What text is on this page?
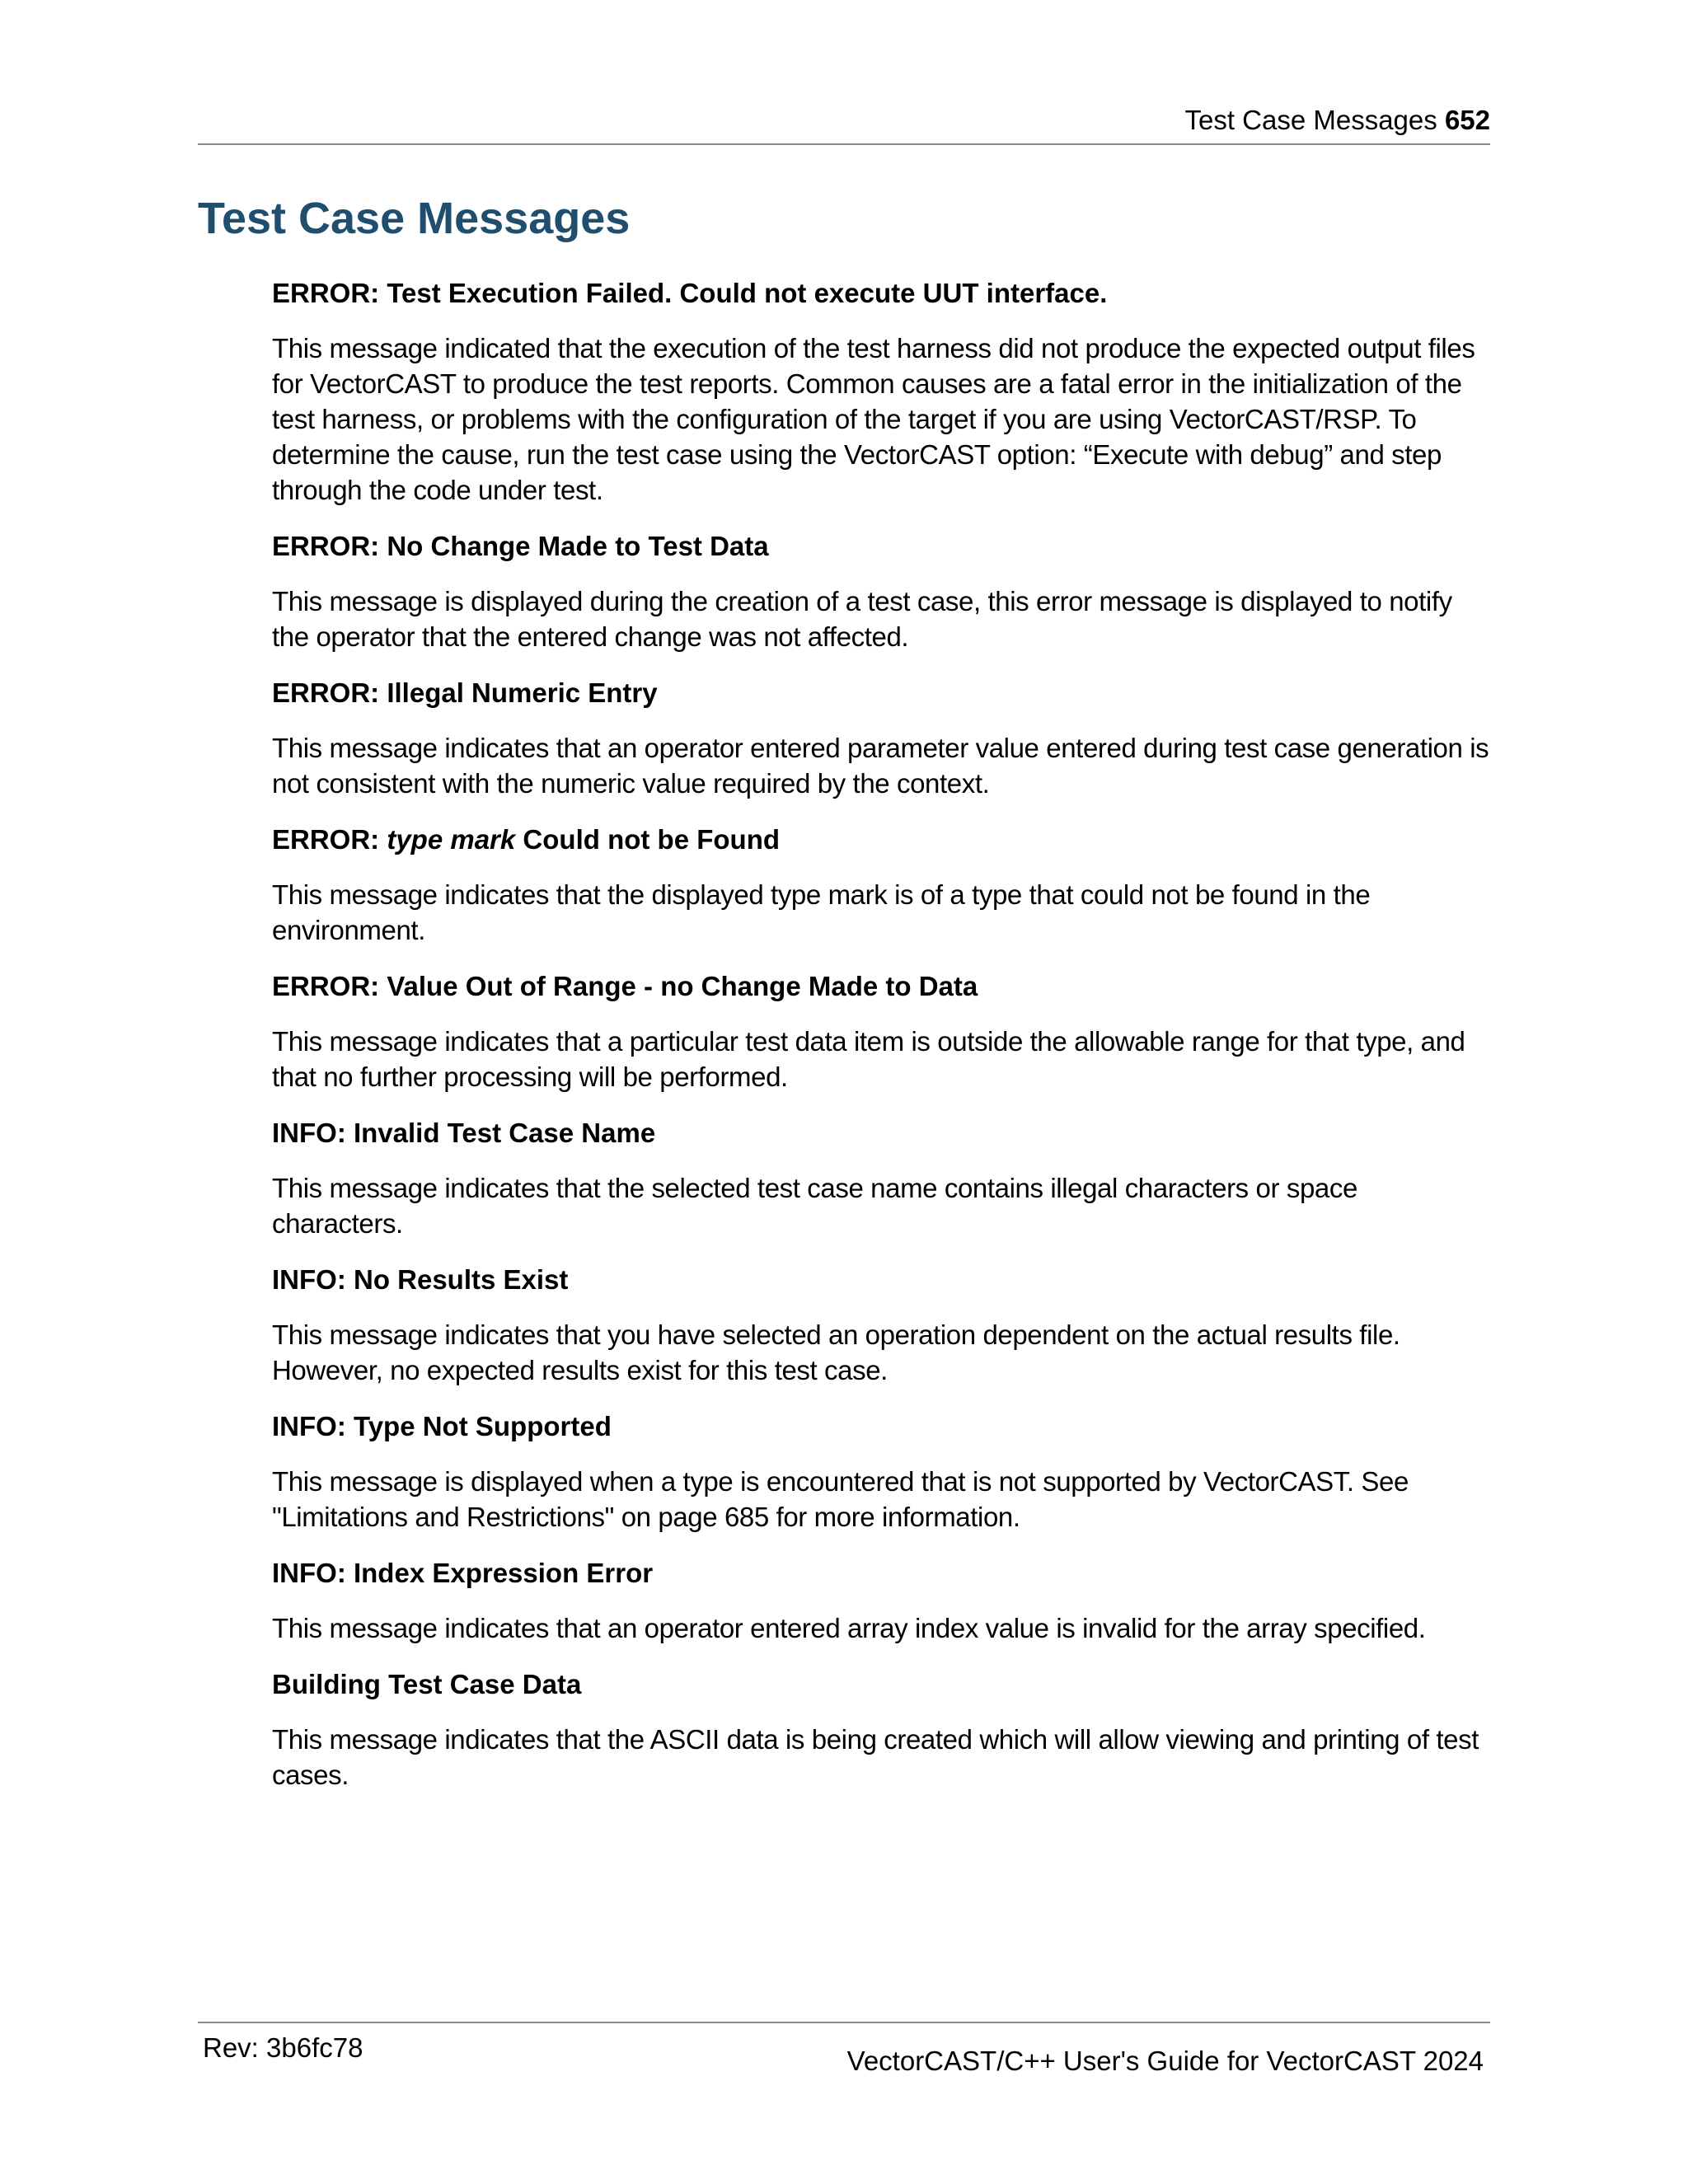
Test Case Messages 652
Test Case Messages

ERROR: Test Execution Failed. Could not execute UUT interface.

This message indicated that the execution of the test harness did not produce the expected output files for VectorCAST to produce the test reports. Common causes are a fatal error in the initialization of the test harness, or problems with the configuration of the target if you are using VectorCAST/RSP. To determine the cause, run the test case using the VectorCAST option: “Execute with debug” and step through the code under test.

ERROR: No Change Made to Test Data

This message is displayed during the creation of a test case, this error message is displayed to notify the operator that the entered change was not affected.

ERROR: Illegal Numeric Entry

This message indicates that an operator entered parameter value entered during test case generation is not consistent with the numeric value required by the context.

ERROR: type mark Could not be Found

This message indicates that the displayed type mark is of a type that could not be found in the environment.

ERROR: Value Out of Range - no Change Made to Data

This message indicates that a particular test data item is outside the allowable range for that type, and that no further processing will be performed.

INFO: Invalid Test Case Name

This message indicates that the selected test case name contains illegal characters or space characters.

INFO: No Results Exist

This message indicates that you have selected an operation dependent on the actual results file. However, no expected results exist for this test case.

INFO: Type Not Supported

This message is displayed when a type is encountered that is not supported by VectorCAST. See "Limitations and Restrictions" on page 685 for more information.

INFO: Index Expression Error

This message indicates that an operator entered array index value is invalid for the array specified.

Building Test Case Data

This message indicates that the ASCII data is being created which will allow viewing and printing of test cases.

Rev: 3b6fc78	VectorCAST/C++ User's Guide for VectorCAST 2024
